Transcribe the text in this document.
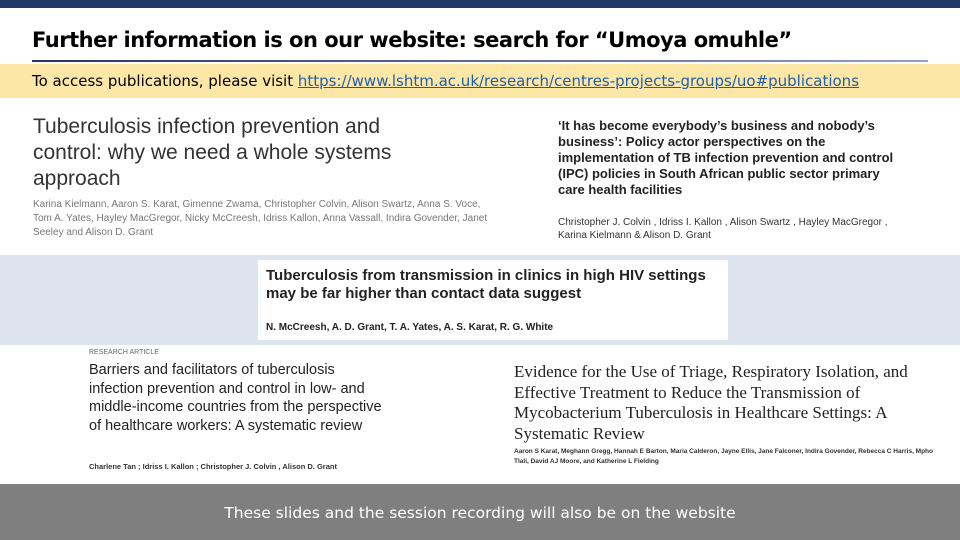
Further information is on our website: search for “Umoya omuhle”
To access publications, please visit https://www.lshtm.ac.uk/research/centres-projects-groups/uo#publications
Tuberculosis infection prevention and control: why we need a whole systems approach
Karina Kielmann, Aaron S. Karat, Gimenne Zwama, Christopher Colvin, Alison Swartz, Anna S. Voce, Tom A. Yates, Hayley MacGregor, Nicky McCreesh, Idriss Kallon, Anna Vassall, Indira Govender, Janet Seeley and Alison D. Grant
‘It has become everybody’s business and nobody’s business’: Policy actor perspectives on the implementation of TB infection prevention and control (IPC) policies in South African public sector primary care health facilities
Christopher J. Colvin , Idriss I. Kallon , Alison Swartz , Hayley MacGregor , Karina Kielmann & Alison D. Grant
Tuberculosis from transmission in clinics in high HIV settings may be far higher than contact data suggest
N. McCreesh, A. D. Grant, T. A. Yates, A. S. Karat, R. G. White
RESEARCH ARTICLE
Barriers and facilitators of tuberculosis infection prevention and control in low- and middle-income countries from the perspective of healthcare workers: A systematic review
Charlene Tan ; Idriss I. Kallon ; Christopher J. Colvin , Alison D. Grant
Evidence for the Use of Triage, Respiratory Isolation, and Effective Treatment to Reduce the Transmission of Mycobacterium Tuberculosis in Healthcare Settings: A Systematic Review
Aaron S Karat, Meghann Gregg, Hannah E Barton, Maria Calderon, Jayne Ellis, Jane Falconer, Indira Govender, Rebecca C Harris, Mpho Tlali, David AJ Moore, and Katherine L Fielding
These slides and the session recording will also be on the website
